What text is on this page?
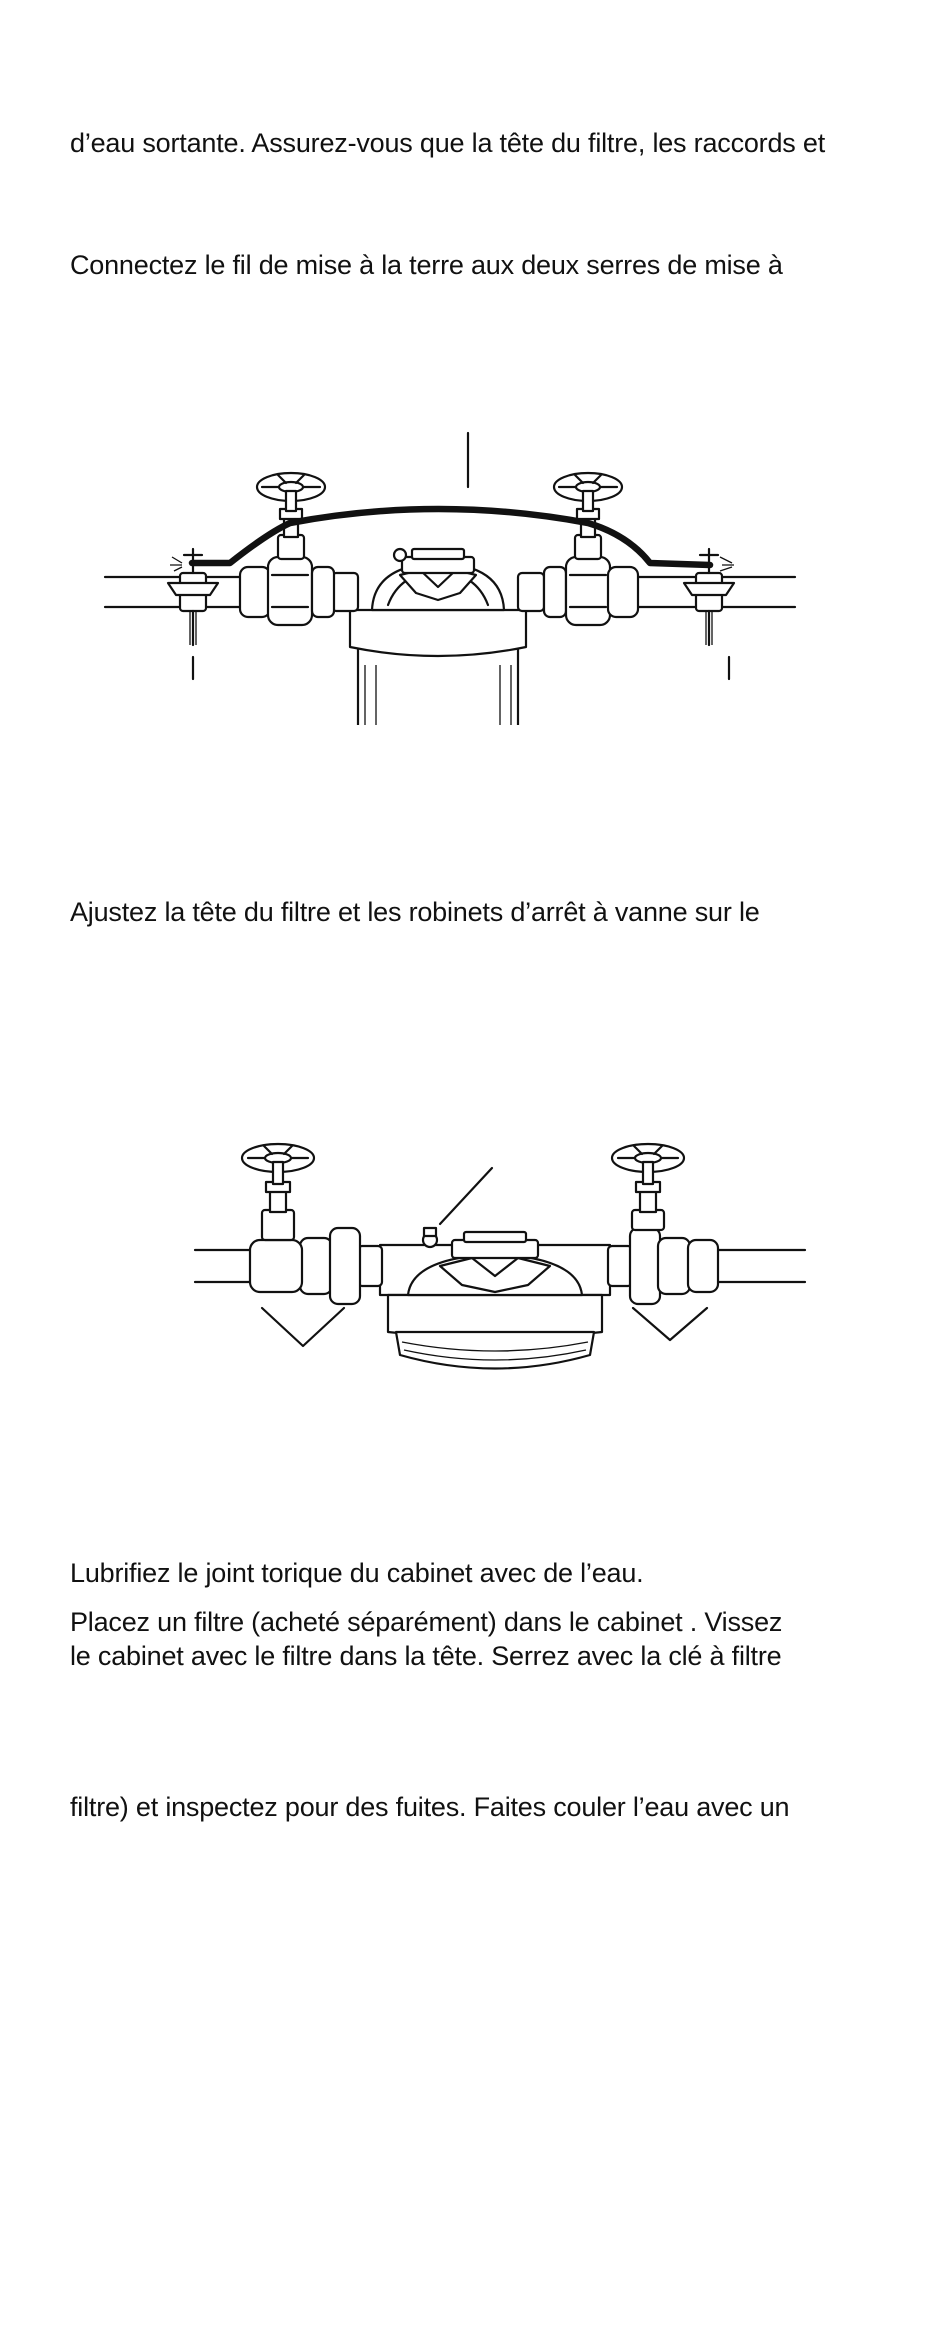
d’eau sortante. Assurez-vous que la tête du filtre, les raccords et

Connectez le fil de mise à la terre aux deux serres de mise à

Ajustez la tête du filtre et les robinets d’arrêt à vanne sur le

Lubrifiez le joint torique du cabinet avec de l’eau.

Placez un filtre (acheté séparément) dans le cabinet . Vissez

le cabinet avec le filtre dans la tête. Serrez avec la clé à filtre

filtre) et inspectez pour des fuites. Faites couler l’eau avec un
